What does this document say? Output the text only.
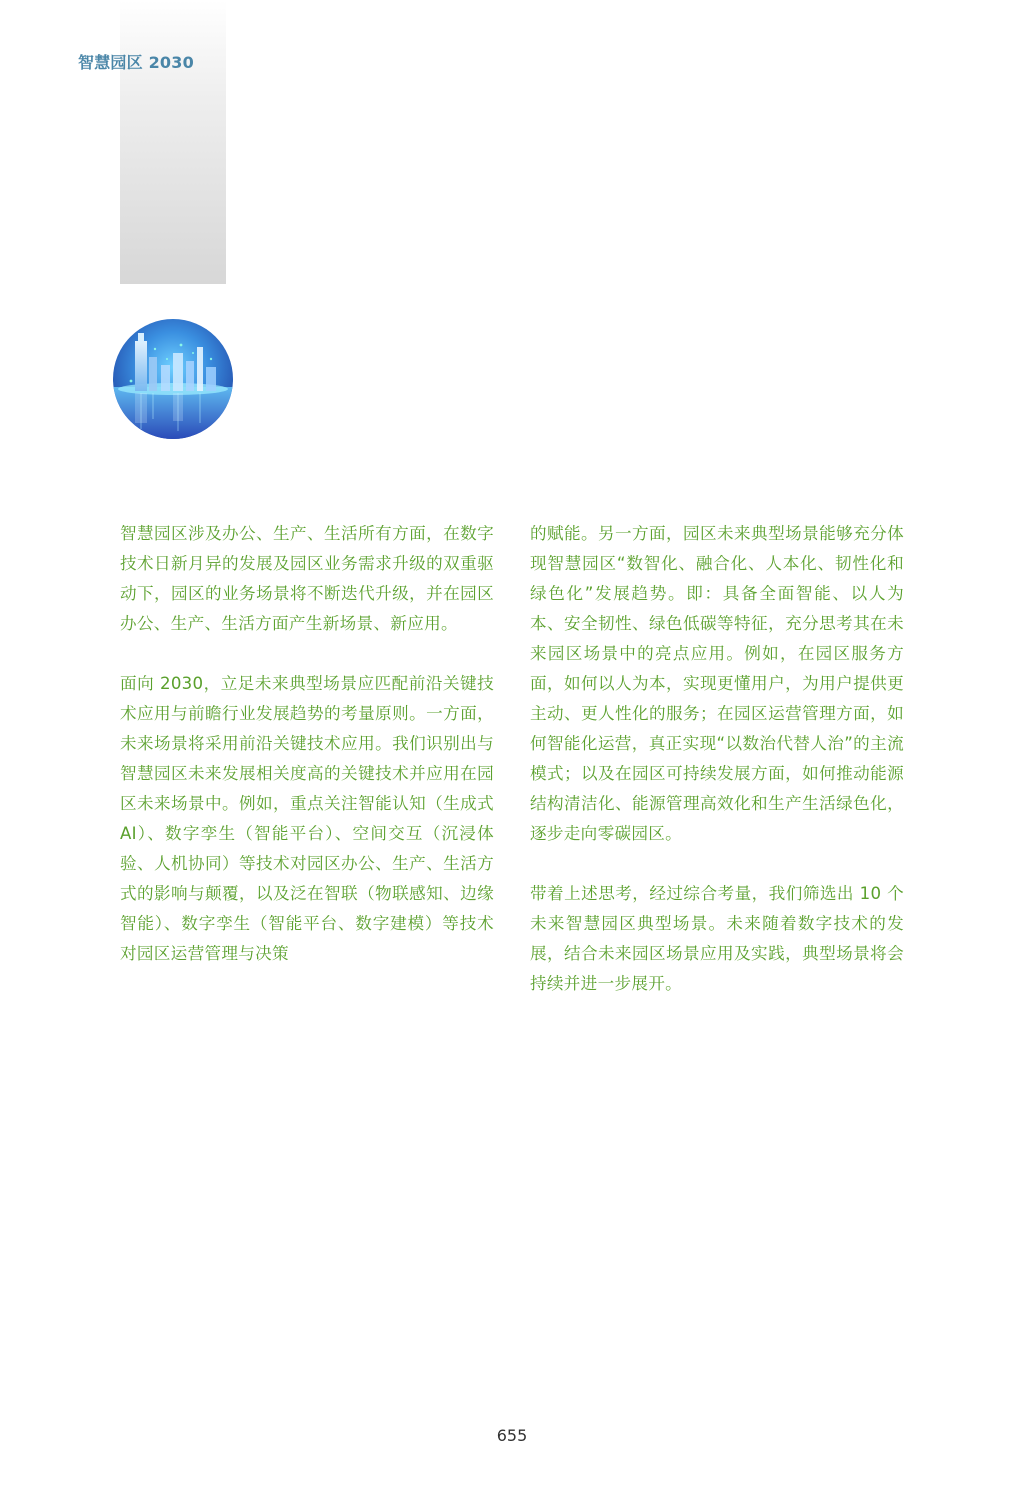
智慧园区 2030

智慧园区涉及办公、生产、生活所有方面，在数字技术日新月异的发展及园区业务需求升级的双重驱动下，园区的业务场景将不断迭代升级，并在园区办公、生产、生活方面产生新场景、新应用。

面向 2030，立足未来典型场景应匹配前沿关键技术应用与前瞻行业发展趋势的考量原则。一方面，未来场景将采用前沿关键技术应用。我们识别出与智慧园区未来发展相关度高的关键技术并应用在园区未来场景中。例如，重点关注智能认知（生成式 AI）、数字孪生（智能平台）、空间交互（沉浸体验、人机协同）等技术对园区办公、生产、生活方式的影响与颠覆，以及泛在智联（物联感知、边缘智能）、数字孪生（智能平台、数字建模）等技术对园区运营管理与决策

的赋能。另一方面，园区未来典型场景能够充分体现智慧园区“数智化、融合化、人本化、韧性化和绿色化”发展趋势。即：具备全面智能、以人为本、安全韧性、绿色低碳等特征，充分思考其在未来园区场景中的亮点应用。例如，在园区服务方面，如何以人为本，实现更懂用户，为用户提供更主动、更人性化的服务；在园区运营管理方面，如何智能化运营，真正实现“以数治代替人治”的主流模式；以及在园区可持续发展方面，如何推动能源结构清洁化、能源管理高效化和生产生活绿色化，逐步走向零碳园区。

带着上述思考，经过综合考量，我们筛选出 10 个未来智慧园区典型场景。未来随着数字技术的发展，结合未来园区场景应用及实践，典型场景将会持续并进一步展开。

655
